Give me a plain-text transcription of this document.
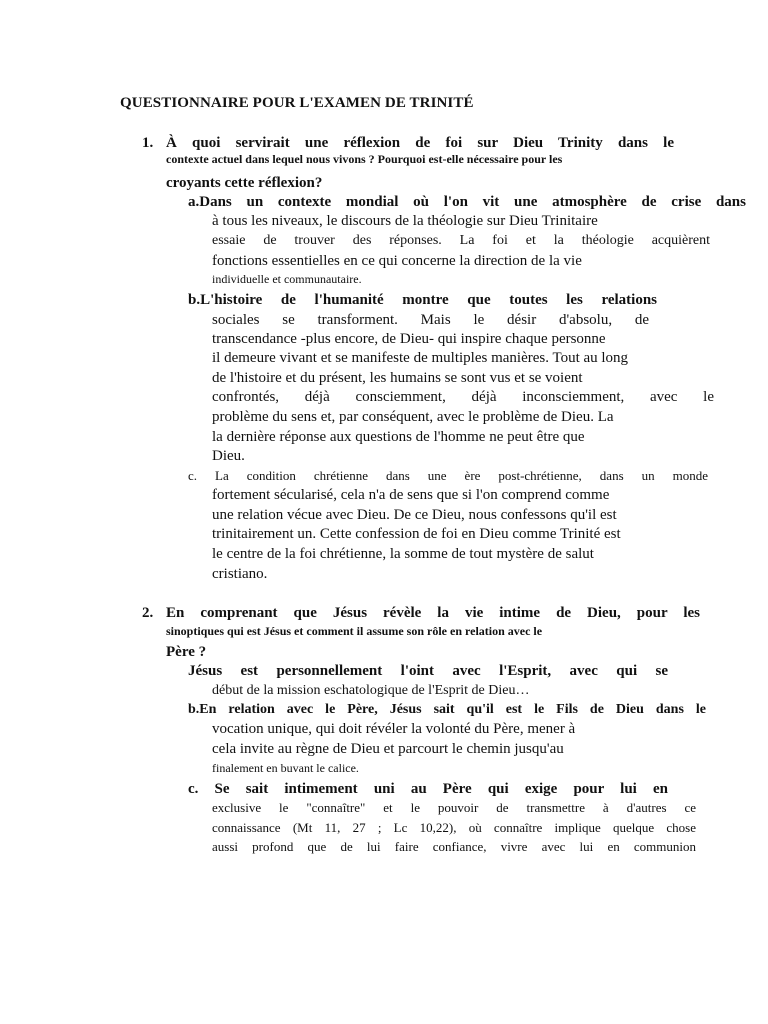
QUESTIONNAIRE POUR L'EXAMEN DE TRINITÉ
1. À quoi servirait une réflexion de foi sur Dieu Trinity dans le
contexte actuel dans lequel nous vivons ? Pourquoi est-elle nécessaire pour les
croyants cette réflexion?
a.Dans un contexte mondial où l'on vit une atmosphère de crise dans
à tous les niveaux, le discours de la théologie sur Dieu Trinitaire
essaie de trouver des réponses. La foi et la théologie acquièrent
fonctions essentielles en ce qui concerne la direction de la vie
individuelle et communautaire.
b.L'histoire de l'humanité montre que toutes les relations
sociales se transforment. Mais le désir d'absolu, de
transcendance -plus encore, de Dieu- qui inspire chaque personne
il demeure vivant et se manifeste de multiples manières. Tout au long
de l'histoire et du présent, les humains se sont vus et se voient
confrontés, déjà consciemment, déjà inconsciemment, avec le
problème du sens et, par conséquent, avec le problème de Dieu. La
la dernière réponse aux questions de l'homme ne peut être que
Dieu.
c. La condition chrétienne dans une ère post-chrétienne, dans un monde
fortement sécularisé, cela n'a de sens que si l'on comprend comme
une relation vécue avec Dieu. De ce Dieu, nous confessons qu'il est
trinitairement un. Cette confession de foi en Dieu comme Trinité est
le centre de la foi chrétienne, la somme de tout mystère de salut
cristiano.
2. En comprenant que Jésus révèle la vie intime de Dieu, pour les
sinoptiques qui est Jésus et comment il assume son rôle en relation avec le
Père ?
Jésus est personnellement l'oint avec l'Esprit, avec qui se
début de la mission eschatologique de l'Esprit de Dieu…
b.En relation avec le Père, Jésus sait qu'il est le Fils de Dieu dans le
vocation unique, qui doit révéler la volonté du Père, mener à
cela invite au règne de Dieu et parcourt le chemin jusqu'au
finalement en buvant le calice.
c. Se sait intimement uni au Père qui exige pour lui en
exclusive le "connaître" et le pouvoir de transmettre à d'autres ce
connaissance (Mt 11, 27 ; Lc 10,22), où connaître implique quelque chose
aussi profond que de lui faire confiance, vivre avec lui en communion
